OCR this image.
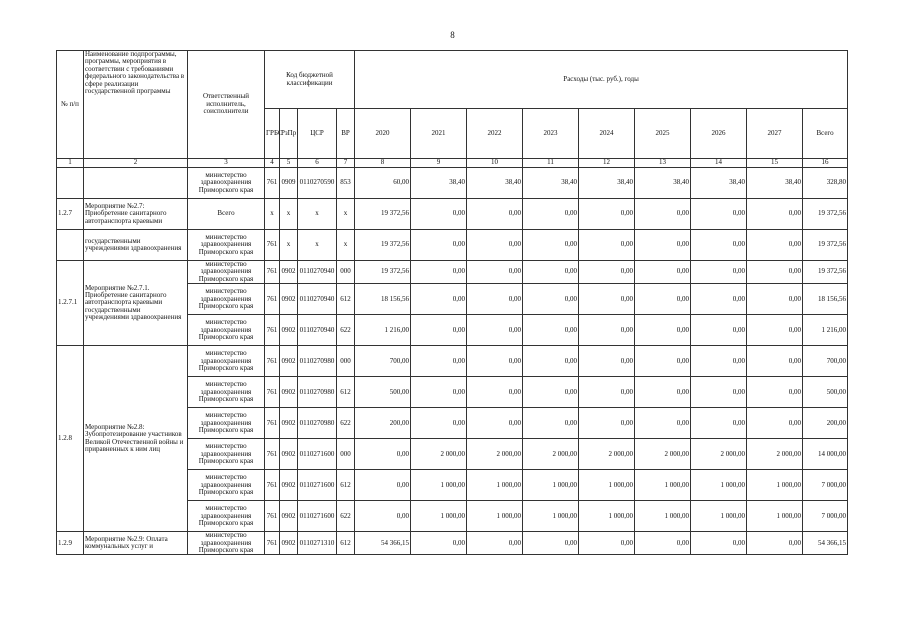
8
№ п/п	Наименование подпрограммы, программы, мероприятия в соответствии с требованиями федерального законодательства в сфере реализации государственной программы	Ответственный исполнитель, соисполнители	Код бюджетной классификации				Расходы (тыс. руб.), годы								
			ГРБС	РзПр	ЦСР	ВР	2020	2021	2022	2023	2024	2025	2026	2027	Всего
1	2	3	4	5	6	7	8	9	10	11	12	13	14	15	16
		министерство здравоохранения Приморского края	761	0909	0110270590	853	60,00	38,40	38,40	38,40	38,40	38,40	38,40	38,40	328,80
1.2.7	Мероприятие №2.7: Приобретение санитарного автотранспорта краевыми	Всего	x	x	x	x	19 372,56	0,00	0,00	0,00	0,00	0,00	0,00	0,00	19 372,56
	государственными учреждениями здравоохранения	министерство здравоохранения Приморского края	761	x	x	x	19 372,56	0,00	0,00	0,00	0,00	0,00	0,00	0,00	19 372,56
1.2.7.1	Мероприятие №2.7.1. Приобретение санитарного автотранспорта краевыми государственными учреждениями здравоохранения	министерство здравоохранения Приморского края	761	0902	0110270940	000	19 372,56	0,00	0,00	0,00	0,00	0,00	0,00	0,00	19 372,56
		министерство здравоохранения Приморского края	761	0902	0110270940	612	18 156,56	0,00	0,00	0,00	0,00	0,00	0,00	0,00	18 156,56
		министерство здравоохранения Приморского края	761	0902	0110270940	622	1 216,00	0,00	0,00	0,00	0,00	0,00	0,00	0,00	1 216,00
1.2.8	Мероприятие №2.8: Зубопротезирование участников Великой Отечественной войны и приравненных к ним лиц	министерство здравоохранения Приморского края	761	0902	0110270980	000	700,00	0,00	0,00	0,00	0,00	0,00	0,00	0,00	700,00
		министерство здравоохранения Приморского края	761	0902	0110270980	612	500,00	0,00	0,00	0,00	0,00	0,00	0,00	0,00	500,00
		министерство здравоохранения Приморского края	761	0902	0110270980	622	200,00	0,00	0,00	0,00	0,00	0,00	0,00	0,00	200,00
		министерство здравоохранения Приморского края	761	0902	0110271600	000	0,00	2 000,00	2 000,00	2 000,00	2 000,00	2 000,00	2 000,00	2 000,00	14 000,00
		министерство здравоохранения Приморского края	761	0902	0110271600	612	0,00	1 000,00	1 000,00	1 000,00	1 000,00	1 000,00	1 000,00	1 000,00	7 000,00
		министерство здравоохранения Приморского края	761	0902	0110271600	622	0,00	1 000,00	1 000,00	1 000,00	1 000,00	1 000,00	1 000,00	1 000,00	7 000,00
1.2.9	Мероприятие №2.9: Оплата коммунальных услуг и	министерство здравоохранения Приморского края	761	0902	0110271310	612	54 366,15	0,00	0,00	0,00	0,00	0,00	0,00	0,00	54 366,15
